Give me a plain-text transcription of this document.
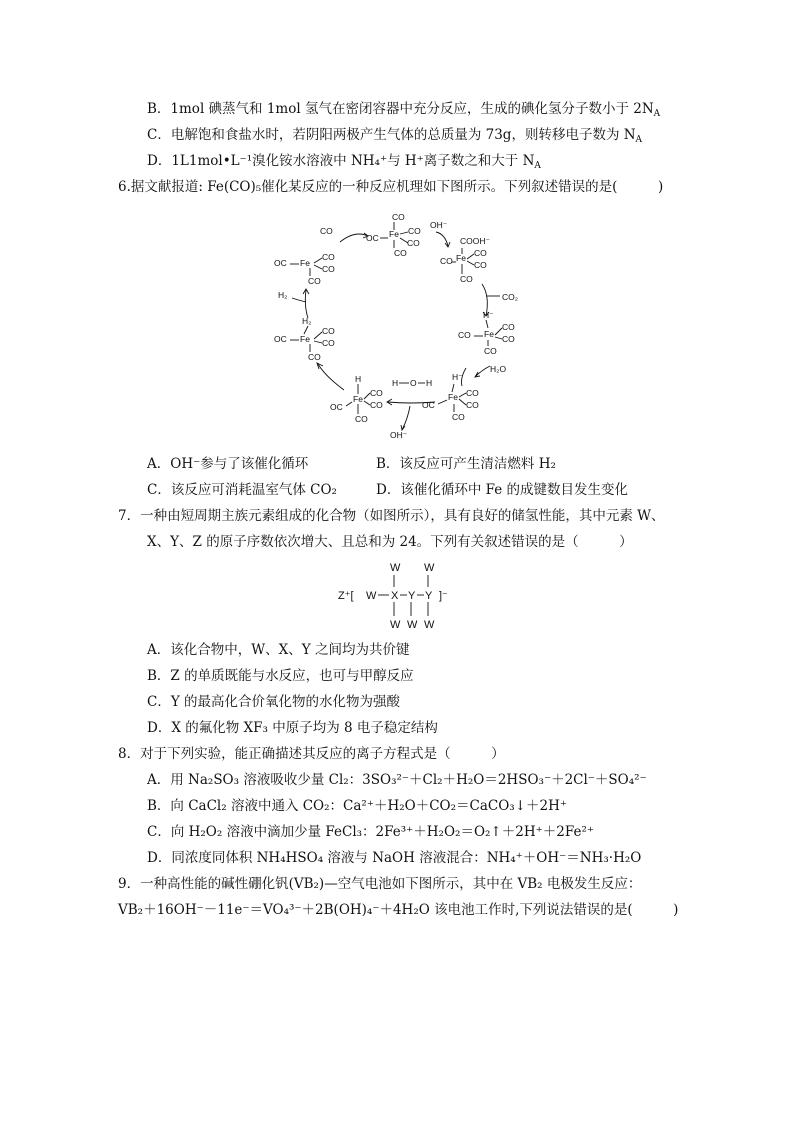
B．1mol 碘蒸气和 1mol 氢气在密闭容器中充分反应，生成的碘化氢分子数小于 $2N_A$
C．电解饱和食盐水时，若阴阳两极产生气体的总质量为 73g，则转移电子数为 $N_A$
D．1L1mol•L⁻¹溴化铵水溶液中 NH₄⁺与 H⁺离子数之和大于 $N_A$
6.据文献报道: Fe(CO)₅催化某反应的一种反应机理如下图所示。下列叙述错误的是(　　　)
CO
OC Fe CO
CO
CO
OH⁻
COOH⁻
CO Fe CO
CO
CO
CO₂
H⁻
CO Fe
CO
CO
CO
H₂O
H⁻
OC
Fe CO
CO
CO
H O H
OH⁻
H
OC
Fe
CO
CO
CO
H₂
OC Fe
CO
CO
CO
H₂
OC Fe
CO
CO
CO
CO
A．OH⁻参与了该催化循环	B．该反应可产生清洁燃料 H₂
C．该反应可消耗温室气体 CO₂	D．该催化循环中 Fe 的成键数目发生变化
7．一种由短周期主族元素组成的化合物（如图所示），具有良好的储氢性能，其中元素 W、
X、Y、Z 的原子序数依次增大、且总和为 24。下列有关叙述错误的是（　　　）
W W
Z⁺[ W X Y Y ]⁻
W W W
A．该化合物中，W、X、Y 之间均为共价键
B．Z 的单质既能与水反应，也可与甲醇反应
C．Y 的最高化合价氧化物的水化物为强酸
D．X 的氟化物 XF₃ 中原子均为 8 电子稳定结构
8．对于下列实验，能正确描述其反应的离子方程式是（　　　）
A．用 Na₂SO₃ 溶液吸收少量 Cl₂：3SO₃²⁻＋Cl₂＋H₂O＝2HSO₃⁻＋2Cl⁻＋SO₄²⁻
B．向 CaCl₂ 溶液中通入 CO₂：Ca²⁺＋H₂O＋CO₂＝CaCO₃↓＋2H⁺
C．向 H₂O₂ 溶液中滴加少量 FeCl₃：2Fe³⁺＋H₂O₂＝O₂↑＋2H⁺＋2Fe²⁺
D．同浓度同体积 NH₄HSO₄ 溶液与 NaOH 溶液混合：NH₄⁺＋OH⁻＝NH₃·H₂O
9．一种高性能的碱性硼化钒(VB₂)—空气电池如下图所示，其中在 VB₂ 电极发生反应：
VB₂＋16OH⁻－11e⁻＝VO₄³⁻＋2B(OH)₄⁻＋4H₂O 该电池工作时,下列说法错误的是(　　　)
